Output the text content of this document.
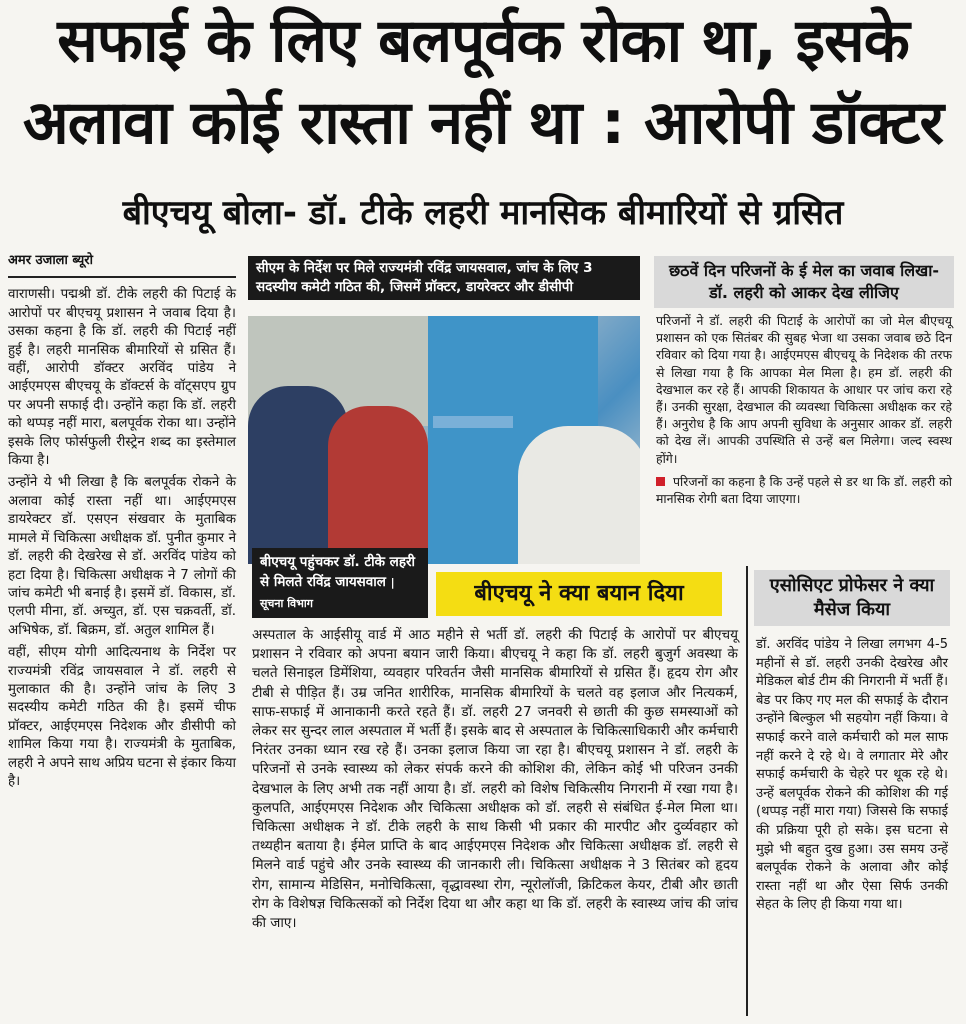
सफाई के लिए बलपूर्वक रोका था, इसके
अलावा कोई रास्ता नहीं था : आरोपी डॉक्टर
बीएचयू बोला- डॉ. टीके लहरी मानसिक बीमारियों से ग्रसित
अमर उजाला ब्यूरो

वाराणसी। पद्मश्री डॉ. टीके लहरी की पिटाई के आरोपों पर बीएचयू प्रशासन ने जवाब दिया है। उसका कहना है कि डॉ. लहरी की पिटाई नहीं हुई है। लहरी मानसिक बीमारियों से ग्रसित हैं। वहीं, आरोपी डॉक्टर अरविंद पांडेय ने आईएमएस बीएचयू के डॉक्टर्स के वॉट्सएप ग्रुप पर अपनी सफाई दी। उन्होंने कहा कि डॉ. लहरी को थप्पड़ नहीं मारा, बलपूर्वक रोका था। उन्होंने इसके लिए फोर्सफुली रीस्ट्रेन शब्द का इस्तेमाल किया है।

उन्होंने ये भी लिखा है कि बलपूर्वक रोकने के अलावा कोई रास्ता नहीं था। आईएमएस डायरेक्टर डॉ. एसएन संखवार के मुताबिक मामले में चिकित्सा अधीक्षक डॉ. पुनीत कुमार ने डॉ. लहरी की देखरेख से डॉ. अरविंद पांडेय को हटा दिया है। चिकित्सा अधीक्षक ने 7 लोगों की जांच कमेटी भी बनाई है। इसमें डॉ. विकास, डॉ. एलपी मीना, डॉ. अच्युत, डॉ. एस चक्रवर्ती, डॉ. अभिषेक, डॉ. बिक्रम, डॉ. अतुल शामिल हैं।

वहीं, सीएम योगी आदित्यनाथ के निर्देश पर राज्यमंत्री रविंद्र जायसवाल ने डॉ. लहरी से मुलाकात की है। उन्होंने जांच के लिए 3 सदस्यीय कमेटी गठित की है। इसमें चीफ प्रॉक्टर, आईएमएस निदेशक और डीसीपी को शामिल किया गया है। राज्यमंत्री के मुताबिक, लहरी ने अपने साथ अप्रिय घटना से इंकार किया है।

सीएम के निर्देश पर मिले राज्यमंत्री रविंद्र जायसवाल, जांच के लिए 3 सदस्यीय कमेटी गठित की, जिसमें प्रॉक्टर, डायरेक्टर और डीसीपी
बीएचयू पहुंचकर डॉ. टीके लहरी से मिलते रविंद्र जायसवाल | सूचना विभाग
छठवें दिन परिजनों के ई मेल का जवाब लिखा- डॉ. लहरी को आकर देख लीजिए

परिजनों ने डॉ. लहरी की पिटाई के आरोपों का जो मेल बीएचयू प्रशासन को एक सितंबर की सुबह भेजा था उसका जवाब छठे दिन रविवार को दिया गया है। आईएमएस बीएचयू के निदेशक की तरफ से लिखा गया है कि आपका मेल मिला है। हम डॉ. लहरी की देखभाल कर रहे हैं। आपकी शिकायत के आधार पर जांच करा रहे हैं। उनकी सुरक्षा, देखभाल की व्यवस्था चिकित्सा अधीक्षक कर रहे हैं। अनुरोध है कि आप अपनी सुविधा के अनुसार आकर डॉ. लहरी को देख लें। आपकी उपस्थिति से उन्हें बल मिलेगा। जल्द स्वस्थ होंगे।

परिजनों का कहना है कि उन्हें पहले से डर था कि डॉ. लहरी को मानसिक रोगी बता दिया जाएगा।

बीएचयू ने क्या बयान दिया

अस्पताल के आईसीयू वार्ड में आठ महीने से भर्ती डॉ. लहरी की पिटाई के आरोपों पर बीएचयू प्रशासन ने रविवार को अपना बयान जारी किया। बीएचयू ने कहा कि डॉ. लहरी बुजुर्ग अवस्था के चलते सिनाइल डिमेंशिया, व्यवहार परिवर्तन जैसी मानसिक बीमारियों से ग्रसित हैं। हृदय रोग और टीबी से पीड़ित हैं। उम्र जनित शारीरिक, मानसिक बीमारियों के चलते वह इलाज और नित्यकर्म, साफ-सफाई में आनाकानी करते रहते हैं। डॉ. लहरी 27 जनवरी से छाती की कुछ समस्याओं को लेकर सर सुन्दर लाल अस्पताल में भर्ती हैं। इसके बाद से अस्पताल के चिकित्साधिकारी और कर्मचारी निरंतर उनका ध्यान रख रहे हैं। उनका इलाज किया जा रहा है। बीएचयू प्रशासन ने डॉ. लहरी के परिजनों से उनके स्वास्थ्य को लेकर संपर्क करने की कोशिश की, लेकिन कोई भी परिजन उनकी देखभाल के लिए अभी तक नहीं आया है। डॉ. लहरी को विशेष चिकित्सीय निगरानी में रखा गया है। कुलपति, आईएमएस निदेशक और चिकित्सा अधीक्षक को डॉ. लहरी से संबंधित ई-मेल मिला था। चिकित्सा अधीक्षक ने डॉ. टीके लहरी के साथ किसी भी प्रकार की मारपीट और दुर्व्यवहार को तथ्यहीन बताया है। ईमेल प्राप्ति के बाद आईएमएस निदेशक और चिकित्सा अधीक्षक डॉ. लहरी से मिलने वार्ड पहुंचे और उनके स्वास्थ्य की जानकारी ली। चिकित्सा अधीक्षक ने 3 सितंबर को हृदय रोग, सामान्य मेडिसिन, मनोचिकित्सा, वृद्धावस्था रोग, न्यूरोलॉजी, क्रिटिकल केयर, टीबी और छाती रोग के विशेषज्ञ चिकित्सकों को निर्देश दिया था और कहा था कि डॉ. लहरी के स्वास्थ्य जांच की जांच की जाए।

एसोसिएट प्रोफेसर ने क्या मैसेज किया

डॉ. अरविंद पांडेय ने लिखा लगभग 4-5 महीनों से डॉ. लहरी उनकी देखरेख और मेडिकल बोर्ड टीम की निगरानी में भर्ती हैं। बेड पर किए गए मल की सफाई के दौरान उन्होंने बिल्कुल भी सहयोग नहीं किया। वे सफाई करने वाले कर्मचारी को मल साफ नहीं करने दे रहे थे। वे लगातार मेरे और सफाई कर्मचारी के चेहरे पर थूक रहे थे। उन्हें बलपूर्वक रोकने की कोशिश की गई (थप्पड़ नहीं मारा गया) जिससे कि सफाई की प्रक्रिया पूरी हो सके। इस घटना से मुझे भी बहुत दुख हुआ। उस समय उन्हें बलपूर्वक रोकने के अलावा और कोई रास्ता नहीं था और ऐसा सिर्फ उनकी सेहत के लिए ही किया गया था।
